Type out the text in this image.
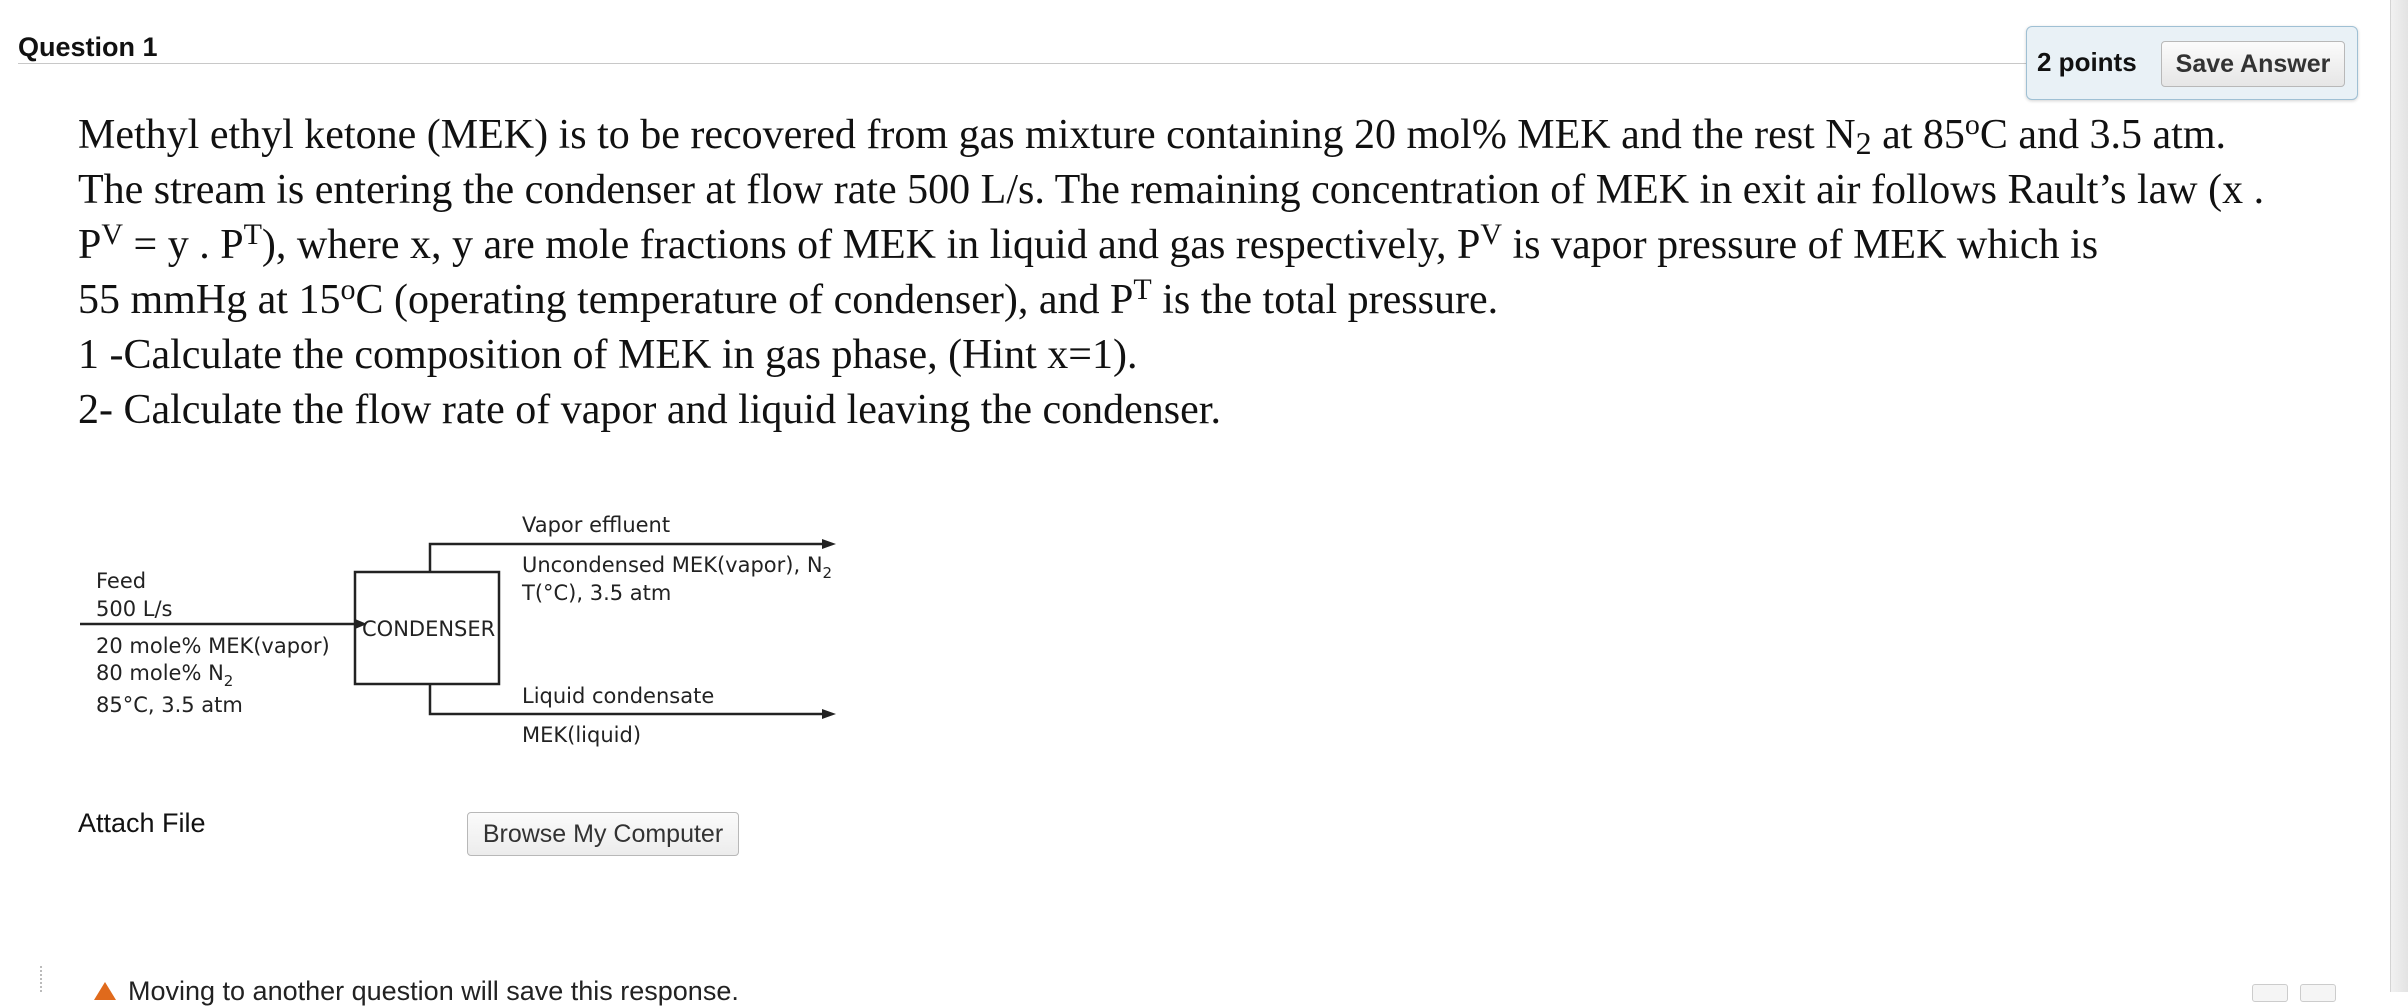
Question 1	2 points	Save Answer

Methyl ethyl ketone (MEK) is to be recovered from gas mixture containing 20 mol% MEK and the rest $N_2$ at 85$^o$C and 3.5 atm.

The stream is entering the condenser at flow rate 500 L/s. The remaining concentration of MEK in exit air follows Rault’s law (x .

$P^V = y$ . $P^T$), where x, y are mole fractions of MEK in liquid and gas respectively, $P^V$ is vapor pressure of MEK which is

55 mmHg at 15$^o$C (operating temperature of condenser), and $P^T$ is the total pressure.

1 -Calculate the composition of MEK in gas phase, (Hint x=1).

2- Calculate the flow rate of vapor and liquid leaving the condenser.

CONDENSER
Feed
500 L/s
20 mole% MEK(vapor)
80 mole% $N_2$
85°C, 3.5 atm
Vapor effluent
Uncondensed MEK(vapor), $N_2$
T(°C), 3.5 atm
Liquid condensate
MEK(liquid)
Attach File	Browse My Computer
Moving to another question will save this response.
